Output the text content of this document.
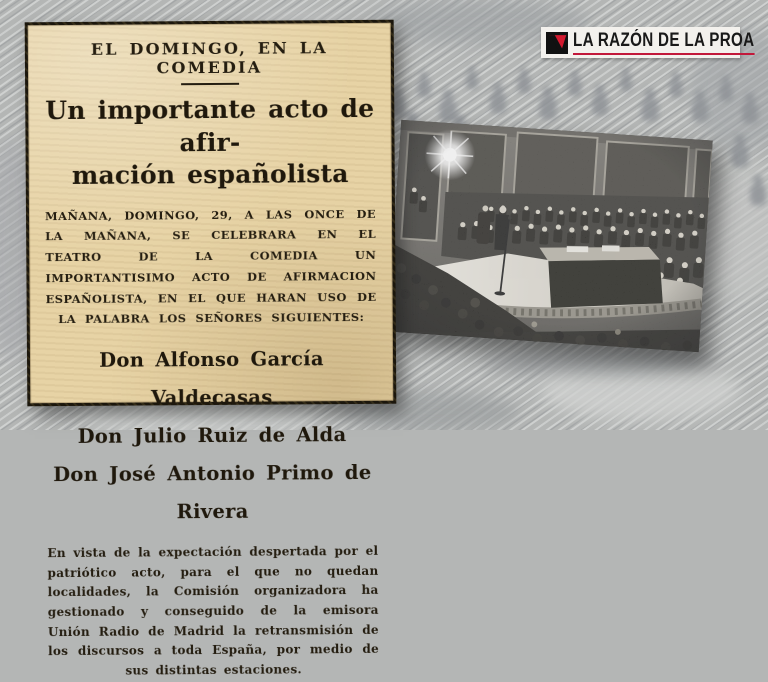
EL DOMINGO, EN LA COMEDIA
Un importante acto de afir-
mación españolista
MAÑANA, DOMINGO, 29, A LAS ONCE DE LA MAÑANA, SE CELEBRARA EN EL TEATRO DE LA COMEDIA UN IMPORTANTISIMO ACTO DE AFIRMACION ESPAÑOLISTA, EN EL QUE HARAN USO DE LA PALABRA LOS SEÑORES SIGUIENTES:
Don Alfonso García Valdecasas
Don Julio Ruiz de Alda
Don José Antonio Primo de Rivera
En vista de la expectación despertada por el patriótico acto, para el que no quedan localidades, la Comisión organizadora ha gestionado y conseguido de la emisora Unión Radio de Madrid la retransmisión de los discursos a toda España, por medio de sus distintas estaciones.
LA RAZÓN DE LA PROA
